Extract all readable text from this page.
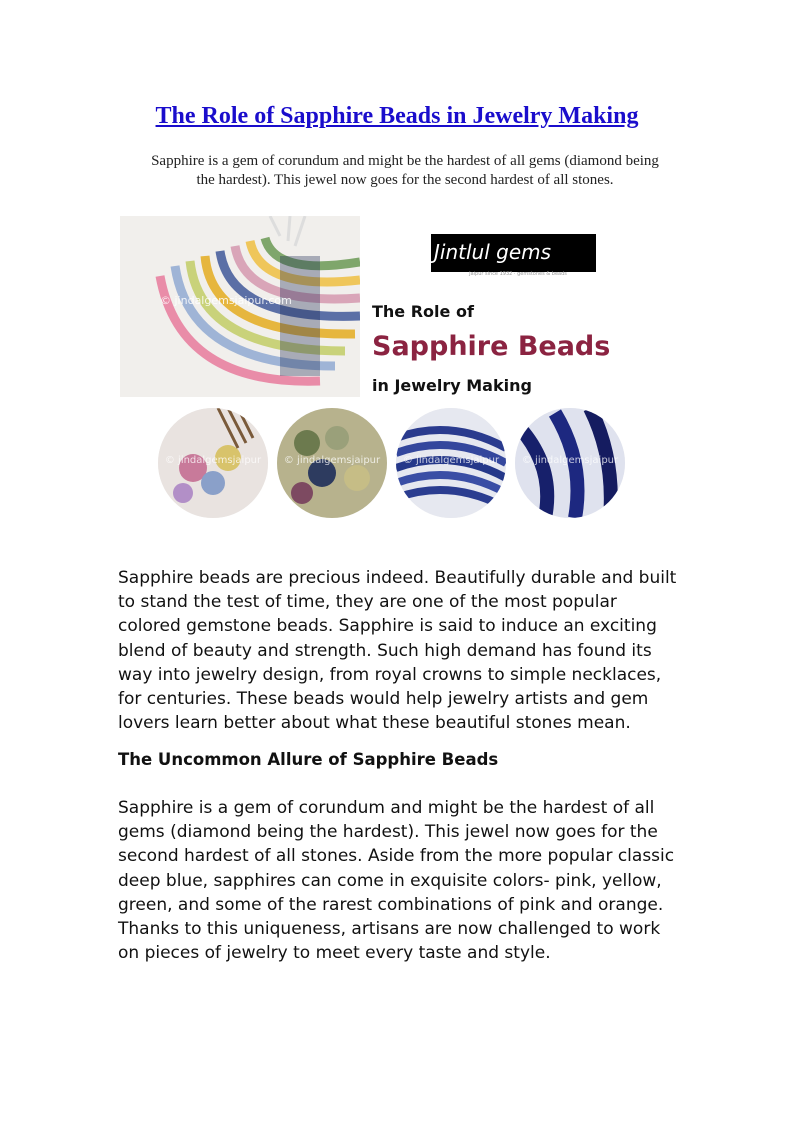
The Role of Sapphire Beads in Jewelry Making
Sapphire is a gem of corundum and might be the hardest of all gems (diamond being the hardest). This jewel now goes for the second hardest of all stones.
© jindalgemsjaipur.com
Jintlul gems
Jaipur since 1932 · gemstones & beads
The Role of
Sapphire Beads
in Jewelry Making
© jindalgemsjaipur	© jindalgemsjaipur	© jindalgemsjaipur	© jindalgemsjaipur
Sapphire beads are precious indeed. Beautifully durable and built to stand the test of time, they are one of the most popular colored gemstone beads. Sapphire is said to induce an exciting blend of beauty and strength. Such high demand has found its way into jewelry design, from royal crowns to simple necklaces, for centuries. These beads would help jewelry artists and gem lovers learn better about what these beautiful stones mean.
The Uncommon Allure of Sapphire Beads
Sapphire is a gem of corundum and might be the hardest of all gems (diamond being the hardest). This jewel now goes for the second hardest of all stones. Aside from the more popular classic deep blue, sapphires can come in exquisite colors- pink, yellow, green, and some of the rarest combinations of pink and orange. Thanks to this uniqueness, artisans are now challenged to work on pieces of jewelry to meet every taste and style.
